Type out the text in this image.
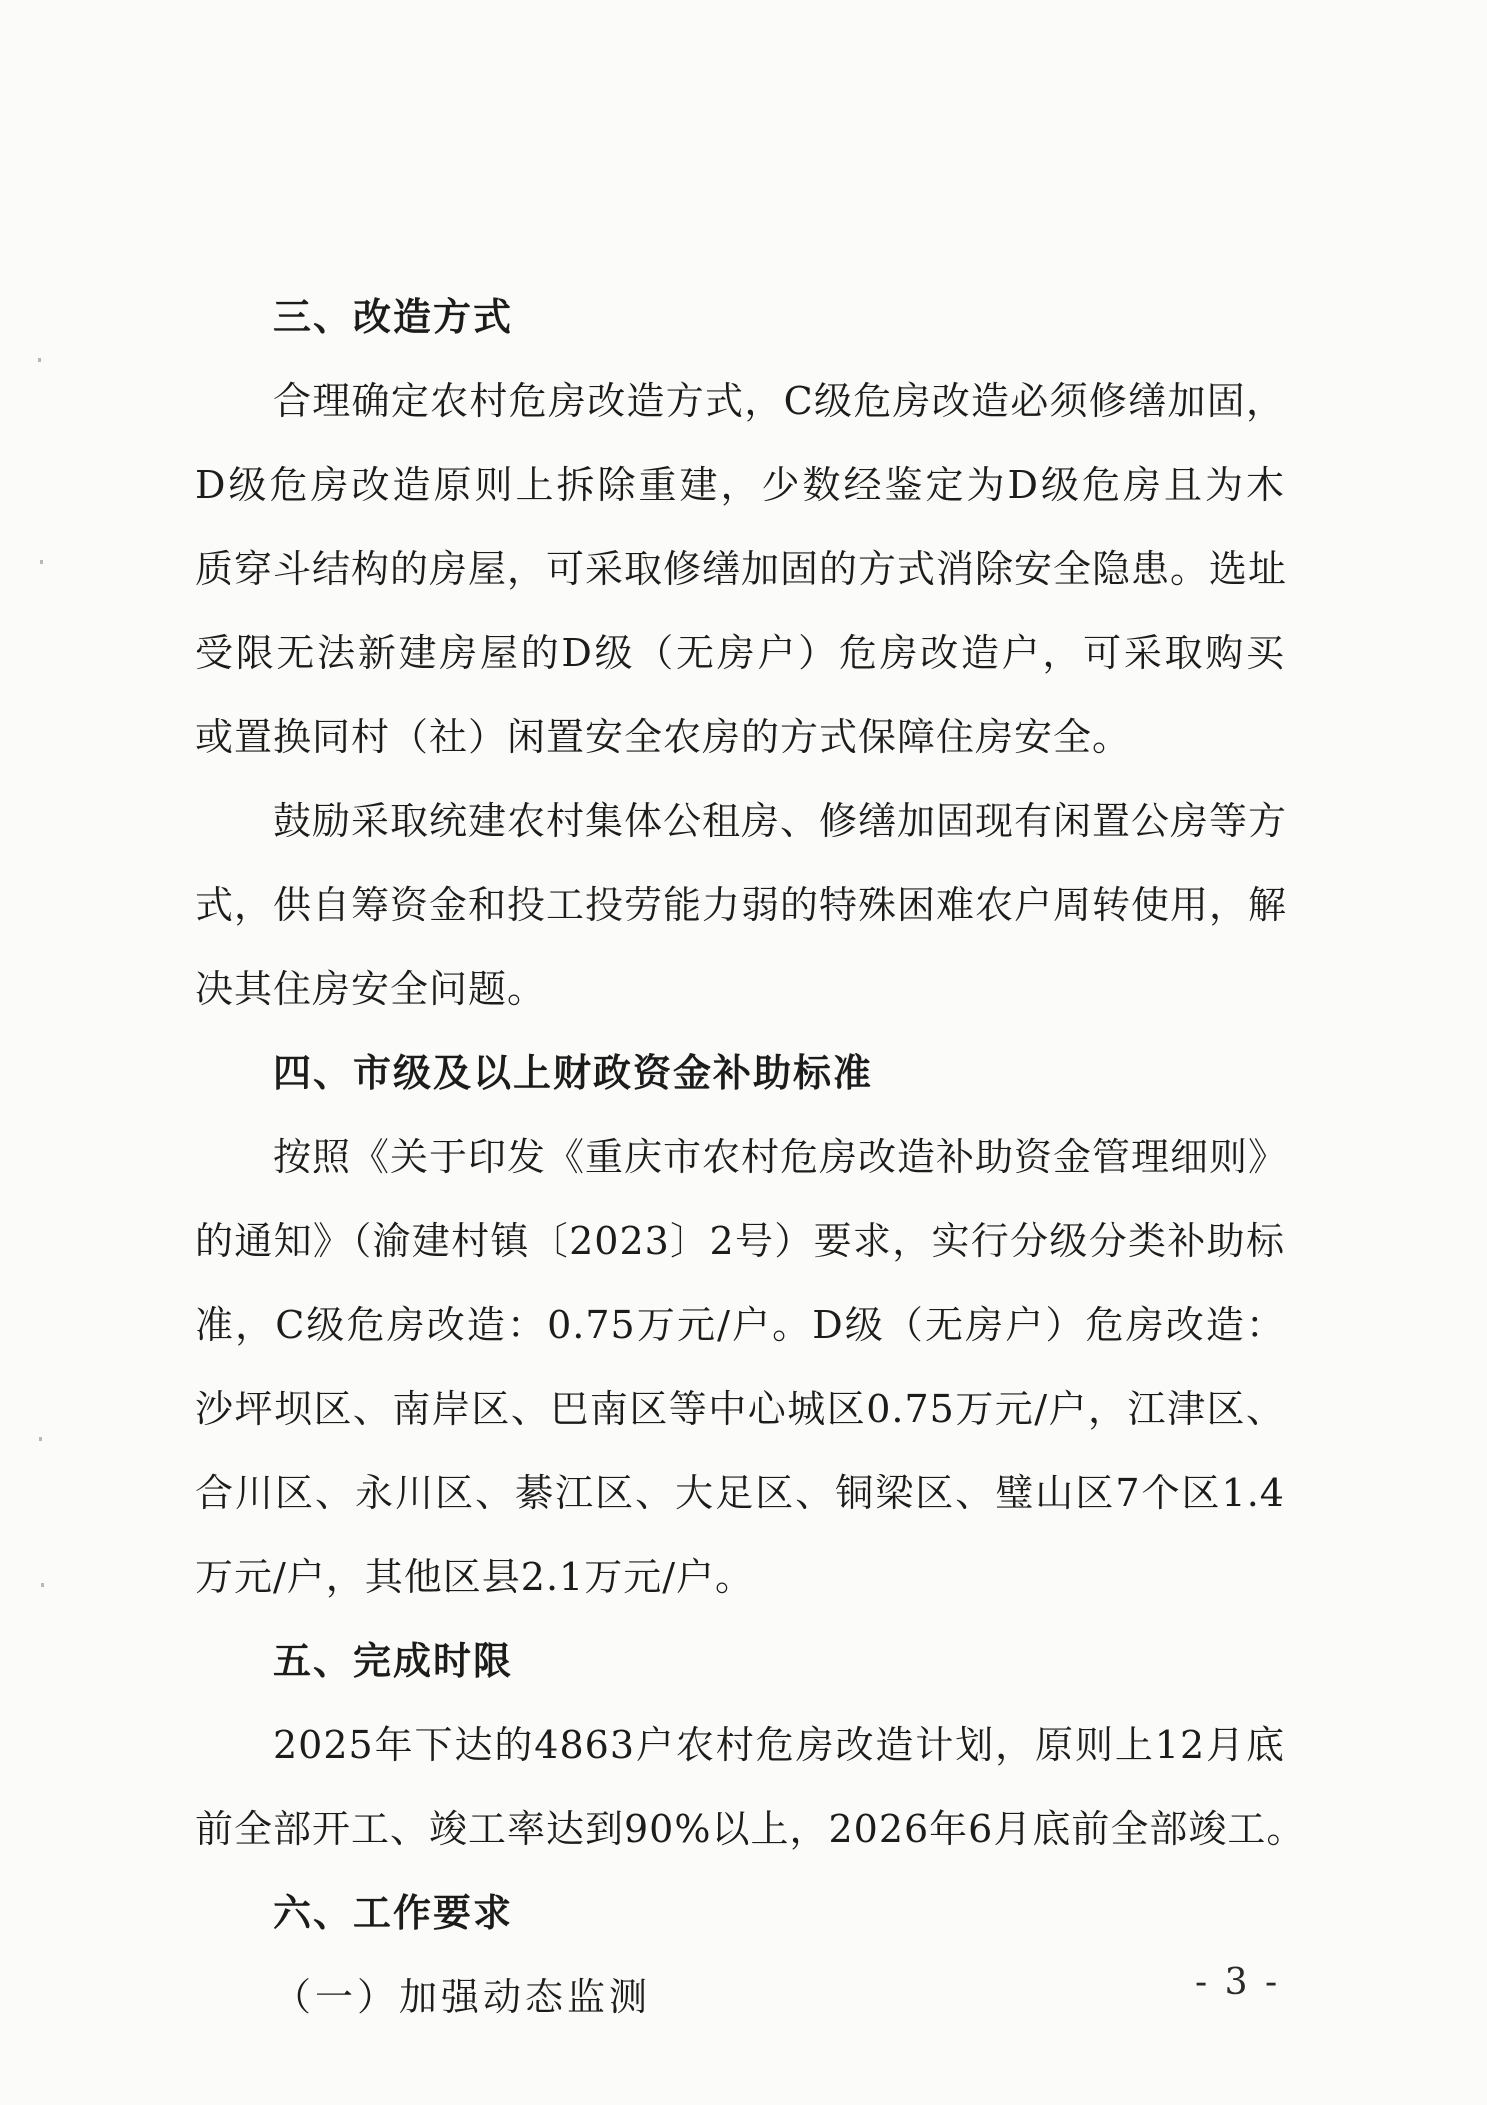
三、改造方式
合理确定农村危房改造方式，C级危房改造必须修缮加固，
D级危房改造原则上拆除重建，少数经鉴定为D级危房且为木
质穿斗结构的房屋，可采取修缮加固的方式消除安全隐患。选址
受限无法新建房屋的D级（无房户）危房改造户，可采取购买
或置换同村（社）闲置安全农房的方式保障住房安全。
鼓励采取统建农村集体公租房、修缮加固现有闲置公房等方
式，供自筹资金和投工投劳能力弱的特殊困难农户周转使用，解
决其住房安全问题。
四、市级及以上财政资金补助标准
按照《关于印发《重庆市农村危房改造补助资金管理细则》
的通知》（渝建村镇〔2023〕2号）要求，实行分级分类补助标
准，C级危房改造：0.75万元/户。D级（无房户）危房改造：
沙坪坝区、南岸区、巴南区等中心城区0.75万元/户，江津区、
合川区、永川区、綦江区、大足区、铜梁区、璧山区7个区1.4
万元/户，其他区县2.1万元/户。
五、完成时限
2025年下达的4863户农村危房改造计划，原则上12月底
前全部开工、竣工率达到90%以上，2026年6月底前全部竣工。
六、工作要求
（一）加强动态监测	- 3 -
